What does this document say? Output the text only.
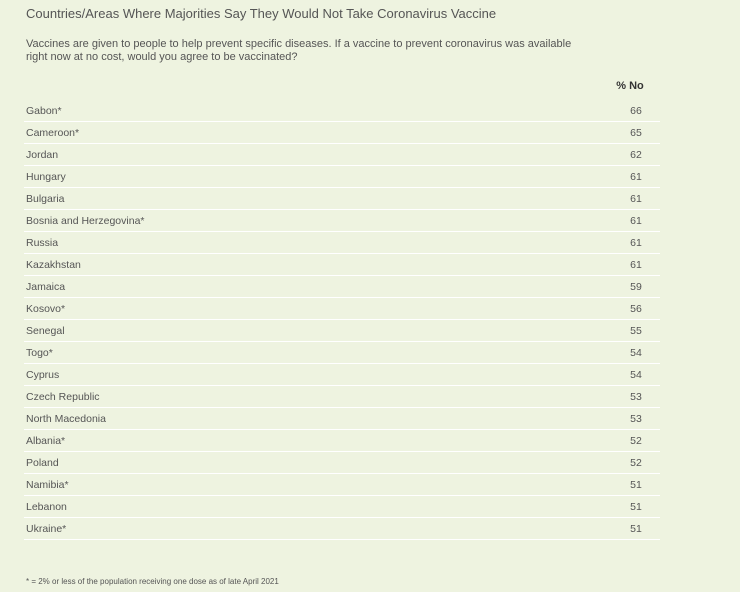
Countries/Areas Where Majorities Say They Would Not Take Coronavirus Vaccine
Vaccines are given to people to help prevent specific diseases. If a vaccine to prevent coronavirus was available right now at no cost, would you agree to be vaccinated?
% No
Gabon*	66
Cameroon*	65
Jordan	62
Hungary	61
Bulgaria	61
Bosnia and Herzegovina*	61
Russia	61
Kazakhstan	61
Jamaica	59
Kosovo*	56
Senegal	55
Togo*	54
Cyprus	54
Czech Republic	53
North Macedonia	53
Albania*	52
Poland	52
Namibia*	51
Lebanon	51
Ukraine*	51
* = 2% or less of the population receiving one dose as of late April 2021
